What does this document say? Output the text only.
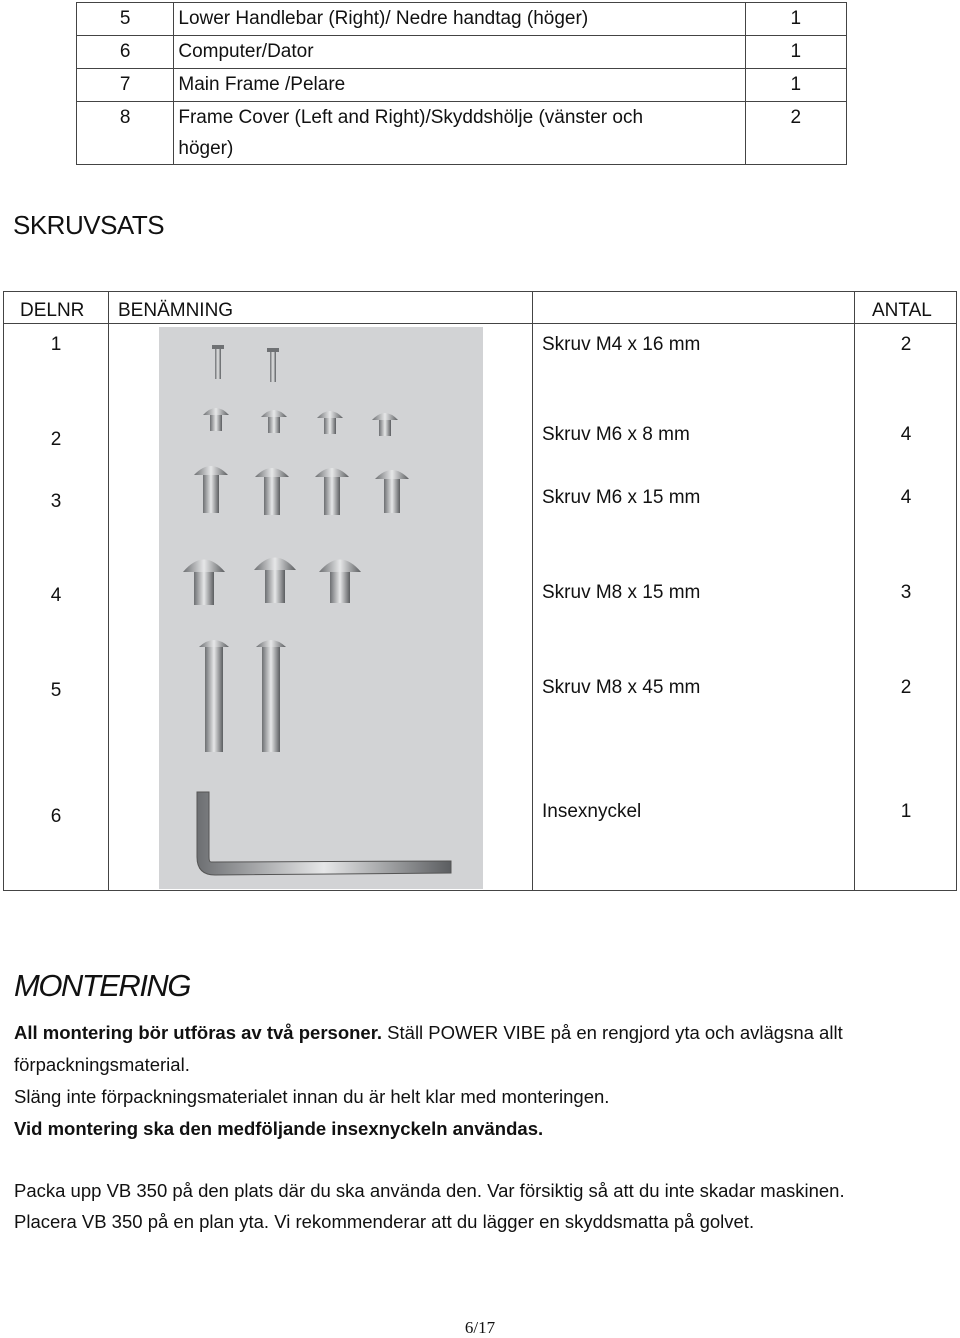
5	Lower Handlebar (Right)/ Nedre handtag (höger)	1
6	Computer/Dator	1
7	Main Frame /Pelare	1
8	Frame Cover (Left and Right)/Skyddshölje (vänster och
höger)	2
SKRUVSATS
DELNR BENÄMNING	ANTAL
1	Skruv M4 x 16 mm	2
2	Skruv M6 x 8 mm	4
3	Skruv M6 x 15 mm	4
4	Skruv M8 x 15 mm	3
5	Skruv M8 x 45 mm	2
6	Insexnyckel	1
MONTERING
All montering bör utföras av två personer. Ställ POWER VIBE på en rengjord yta och avlägsna allt
förpackningsmaterial.
Släng inte förpackningsmaterialet innan du är helt klar med monteringen.
Vid montering ska den medföljande insexnyckeln användas.
Packa upp VB 350 på den plats där du ska använda den. Var försiktig så att du inte skadar maskinen.
Placera VB 350 på en plan yta. Vi rekommenderar att du lägger en skyddsmatta på golvet.
6/17
